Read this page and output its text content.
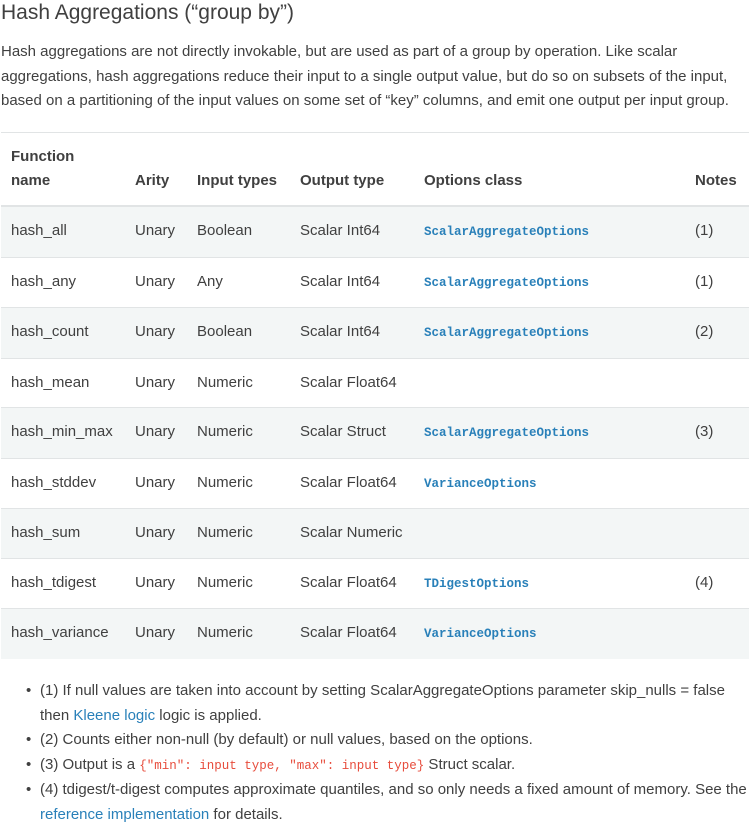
Hash Aggregations (“group by”)

Hash aggregations are not directly invokable, but are used as part of a group by operation. Like scalar aggregations, hash aggregations reduce their input to a single output value, but do so on subsets of the input, based on a partitioning of the input values on some set of “key” columns, and emit one output per input group.

Function name	Arity	Input types	Output type	Options class	Notes
hash_all	Unary	Boolean	Scalar Int64	ScalarAggregateOptions	(1)
hash_any	Unary	Any	Scalar Int64	ScalarAggregateOptions	(1)
hash_count	Unary	Boolean	Scalar Int64	ScalarAggregateOptions	(2)
hash_mean	Unary	Numeric	Scalar Float64		
hash_min_max	Unary	Numeric	Scalar Struct	ScalarAggregateOptions	(3)
hash_stddev	Unary	Numeric	Scalar Float64	VarianceOptions	
hash_sum	Unary	Numeric	Scalar Numeric		
hash_tdigest	Unary	Numeric	Scalar Float64	TDigestOptions	(4)
hash_variance	Unary	Numeric	Scalar Float64	VarianceOptions	
• (1) If null values are taken into account by setting ScalarAggregateOptions parameter skip_nulls = false then Kleene logic logic is applied.
• (2) Counts either non-null (by default) or null values, based on the options.
• (3) Output is a {"min": input type, "max": input type} Struct scalar.
• (4) tdigest/t-digest computes approximate quantiles, and so only needs a fixed amount of memory. See the reference implementation for details.
